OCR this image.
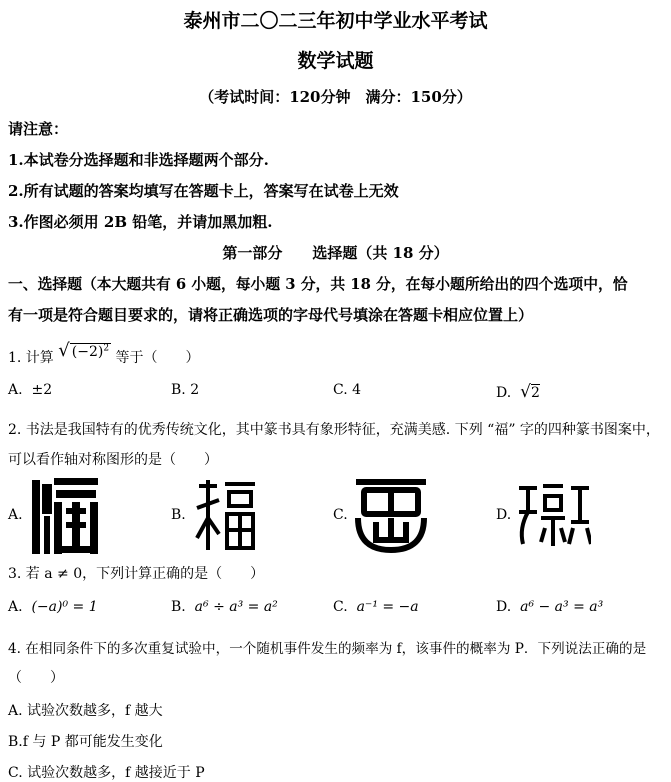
泰州市二〇二三年初中学业水平考试
数学试题
（考试时间：120分钟　满分：150分）
请注意：
1.本试卷分选择题和非选择题两个部分.
2.所有试题的答案均填写在答题卡上，答案写在试卷上无效
3.作图必须用 2B 铅笔，并请加黑加粗.
第一部分　　选择题（共 18 分）
一、选择题（本大题共有 6 小题，每小题 3 分，共 18 分，在每小题所给出的四个选项中，恰
有一项是符合题目要求的，请将正确选项的字母代号填涂在答题卡相应位置上）
1. 计算 √ $(-2)^2$ 等于（　　）
A. ±2	B. 2	C. 4	D. √2
2. 书法是我国特有的优秀传统文化，其中篆书具有象形特征，充满美感. 下列 “福” 字的四种篆书图案中，
可以看作轴对称图形的是（　　）
A.	B.	C.	D.
3. 若 a ≠ 0，下列计算正确的是（　　）
A. (−a)⁰ = 1	B. a⁶ ÷ a³ = a²	C. a⁻¹ = −a	D. a⁶ − a³ = a³
4. 在相同条件下的多次重复试验中，一个随机事件发生的频率为 f，该事件的概率为 P．下列说法正确的是
（　　）
A. 试验次数越多，f 越大
B.f 与 P 都可能发生变化
C. 试验次数越多，f 越接近于 P
